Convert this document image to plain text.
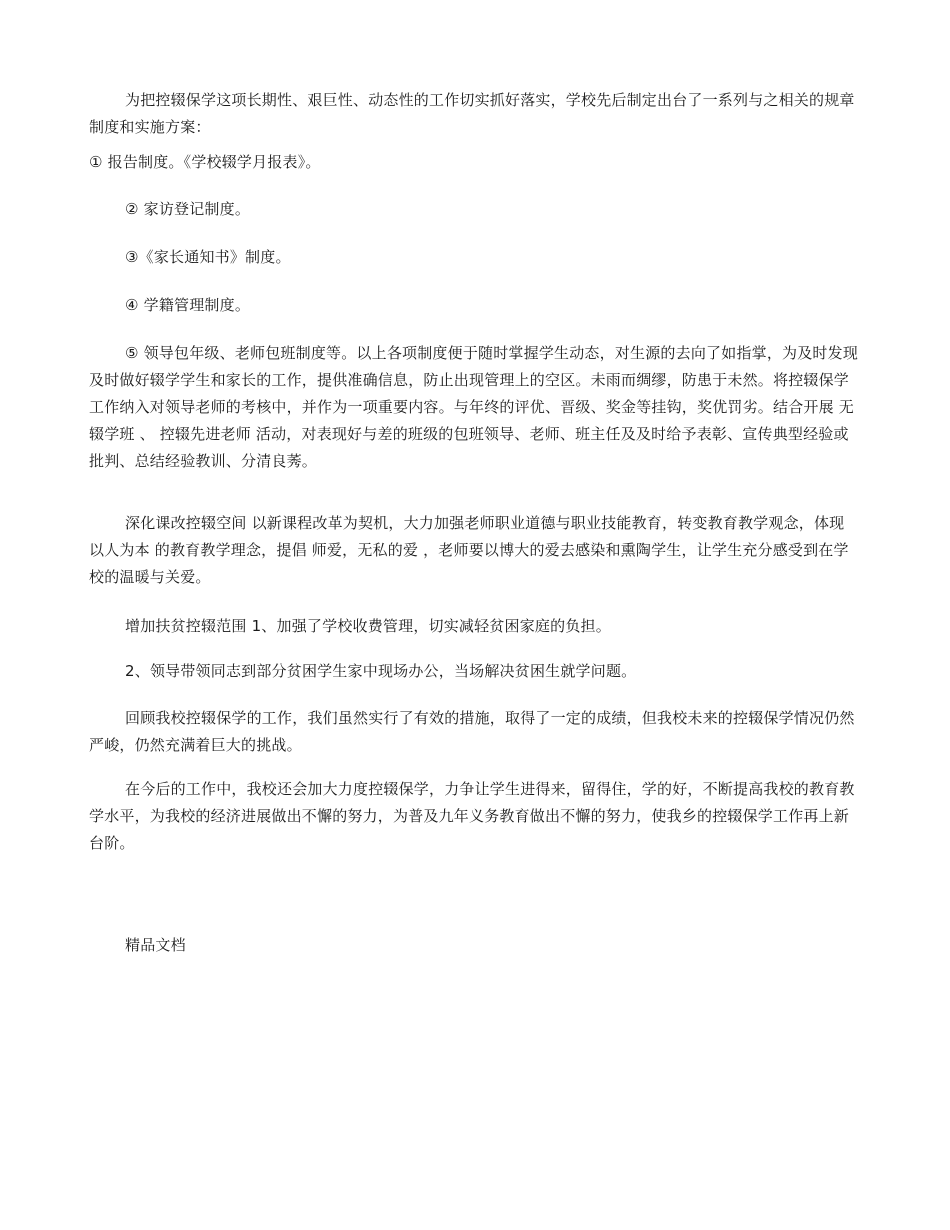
为把控辍保学这项长期性、艰巨性、动态性的工作切实抓好落实，学校先后制定出台了一系列与之相关的规章制度和实施方案：

① 报告制度。《学校辍学月报表》。

② 家访登记制度。

③《家长通知书》制度。

④ 学籍管理制度。

⑤ 领导包年级、老师包班制度等。以上各项制度便于随时掌握学生动态，对生源的去向了如指掌，为及时发现及时做好辍学学生和家长的工作，提供准确信息，防止出现管理上的空区。未雨而绸缪，防患于未然。将控辍保学工作纳入对领导老师的考核中，并作为一项重要内容。与年终的评优、晋级、奖金等挂钩，奖优罚劣。结合开展 无辍学班 、 控辍先进老师 活动，对表现好与差的班级的包班领导、老师、班主任及及时给予表彰、宣传典型经验或批判、总结经验教训、分清良莠。

深化课改控辍空间 以新课程改革为契机，大力加强老师职业道德与职业技能教育，转变教育教学观念，体现 以人为本 的教育教学理念，提倡 师爱，无私的爱 ，老师要以博大的爱去感染和熏陶学生，让学生充分感受到在学校的温暖与关爱。

增加扶贫控辍范围 1、加强了学校收费管理，切实减轻贫困家庭的负担。

2、领导带领同志到部分贫困学生家中现场办公，当场解决贫困生就学问题。

回顾我校控辍保学的工作，我们虽然实行了有效的措施，取得了一定的成绩，但我校未来的控辍保学情况仍然严峻，仍然充满着巨大的挑战。

在今后的工作中，我校还会加大力度控辍保学，力争让学生进得来，留得住，学的好，不断提高我校的教育教学水平，为我校的经济进展做出不懈的努力，为普及九年义务教育做出不懈的努力，使我乡的控辍保学工作再上新台阶。

精品文档
